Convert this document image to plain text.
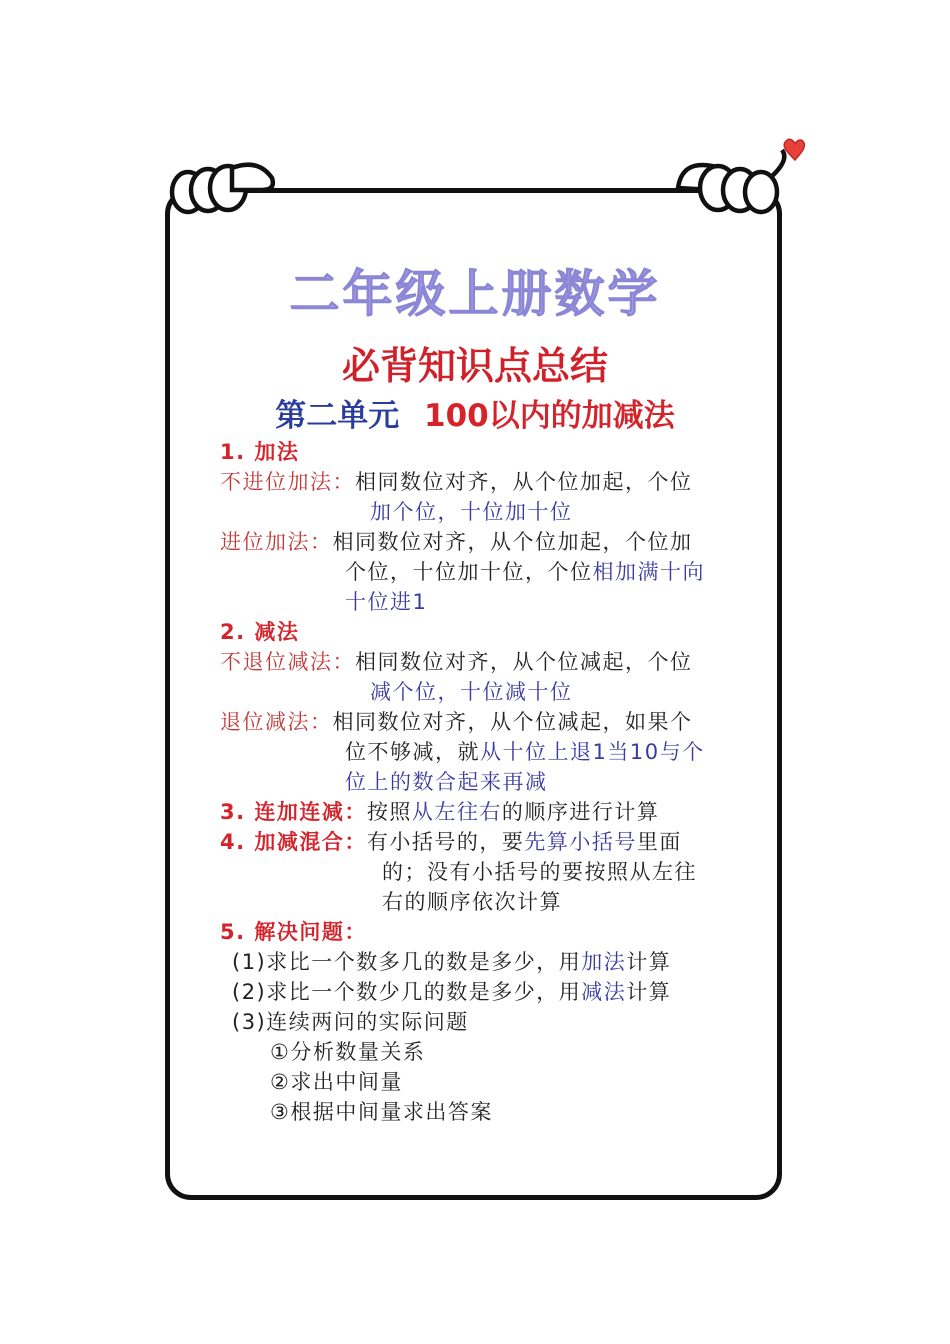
二年级上册数学
必背知识点总结
第二单元 100以内的加减法
1. 加法
不进位加法：相同数位对齐，从个位加起，个位
加个位，十位加十位
进位加法：相同数位对齐，从个位加起，个位加
个位，十位加十位，个位相加满十向
十位进1
2. 减法
不退位减法：相同数位对齐，从个位减起，个位
减个位，十位减十位
退位减法：相同数位对齐，从个位减起，如果个
位不够减，就从十位上退1当10与个
位上的数合起来再减
3. 连加连减：按照从左往右的顺序进行计算
4. 加减混合：有小括号的，要先算小括号里面
的；没有小括号的要按照从左往
右的顺序依次计算
5. 解决问题：
(1)求比一个数多几的数是多少，用加法计算
(2)求比一个数少几的数是多少，用减法计算
(3)连续两问的实际问题
①分析数量关系
②求出中间量
③根据中间量求出答案
